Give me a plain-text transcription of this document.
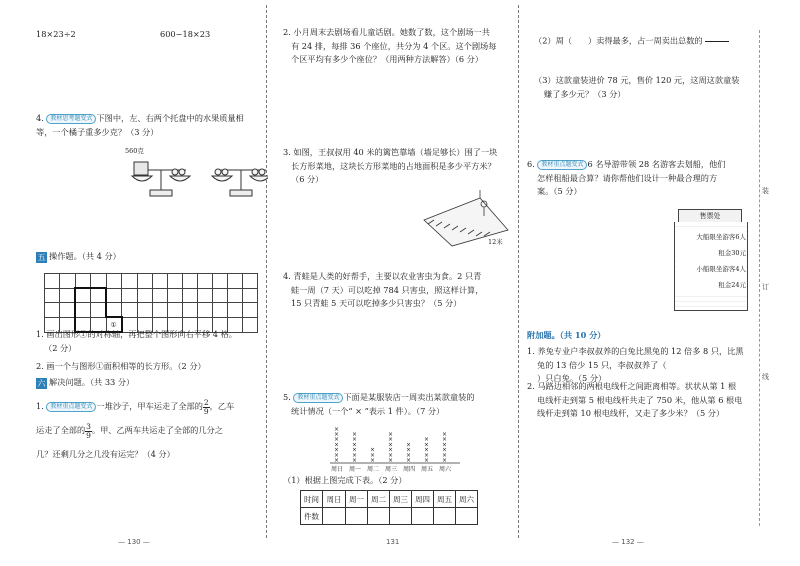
装
订
线
18×23÷2	600−18×23
4. 教材思考题变式 下图中，左、右两个托盘中的水果质量相等，一个橘子重多少克？（3 分）
560克
五 操作题。（共 4 分）

				①									
1. 画出图形①的对称轴，再把整个图形向右平移 4 格。
（2 分）
2. 画一个与图形①面积相等的长方形。（2 分）
六 解决问题。（共 33 分）
1. 教材重点题变式 一堆沙子，甲车运走了全部的 $\frac{2}{9}$，乙车
运走了全部的 $\frac{3}{9}$。甲、乙两车共运走了全部的几分之
几？还剩几分之几没有运完？（4 分）
— 130 —
2. 小月周末去剧场看儿童话剧。她数了数，这个剧场一共
有 24 排，每排 36 个座位，共分为 4 个区。这个剧场每
个区平均有多少个座位？（用两种方法解答）（6 分）
3. 如图，王叔叔用 40 米的篱笆靠墙（墙足够长）围了一块
长方形菜地，这块长方形菜地的占地面积是多少平方米？
（6 分）
12米
4. 青蛙是人类的好帮手，主要以农业害虫为食。2 只青
蛙一周（7 天）可以吃掉 784 只害虫，照这样计算，
15 只青蛙 5 天可以吃掉多少只害虫？（5 分）
5. 教材重点题变式 下面是某服装店一周卖出某款童装的
统计情况（一个“ × ”表示 1 件）。（7 分）
×
×
×
×
×
×
×
周日
×
×
×
×
×
×
周一
×
×
×
周二
×
×
×
×
×
×
周三
×
×
×
×
周四
×
×
×
×
×
周五
×
×
×
×
×
×
周六
（1）根据上图完成下表。（2 分）
时间	周日	周一	周二	周三	周四	周五	周六
件数							
131
（2）周（ ）卖得最多，占一周卖出总数的
（3）这款童装进价 78 元，售价 120 元，这周这款童装
赚了多少元？（3 分）
6. 教材重点题变式 6 名导游带领 28 名游客去划船，他们
怎样租船最合算？请你帮他们设计一种最合理的方
案。（5 分）
售票处
大船限坐游客6人
租金30元
小船限坐游客4人
租金24元
附加题。（共 10 分）
1. 养兔专业户李叔叔养的白兔比黑兔的 12 倍多 8 只，比黑
兔的 13 倍少 15 只，李叔叔养了（）只白兔。（5 分）
2. 马路边相邻的两根电线杆之间距离相等。状状从第 1 根
电线杆走到第 5 根电线杆共走了 750 米，他从第 6 根电
线杆走到第 10 根电线杆，又走了多少米？（5 分）
— 132 —
